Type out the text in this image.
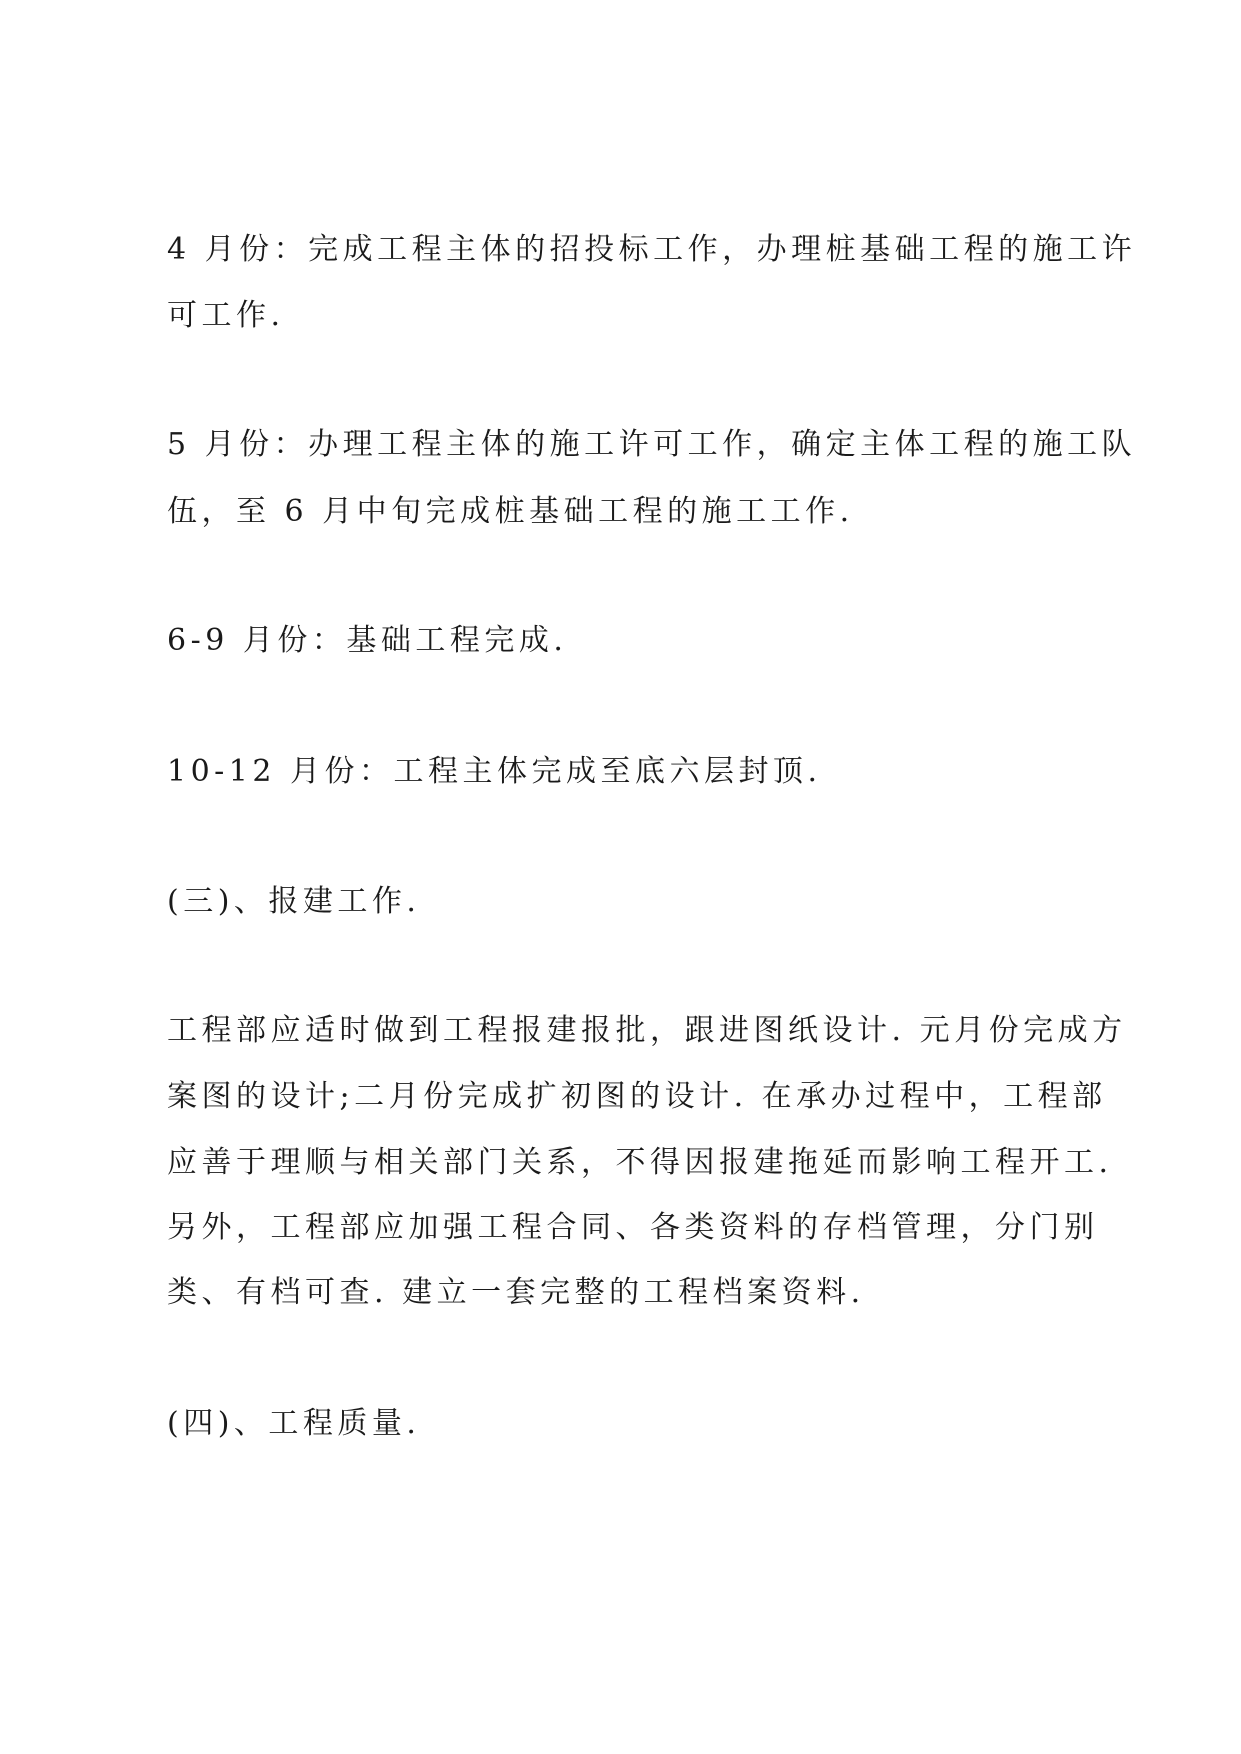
4 月份：完成工程主体的招投标工作，办理桩基础工程的施工许
可工作.
5 月份：办理工程主体的施工许可工作，确定主体工程的施工队
伍，至 6 月中旬完成桩基础工程的施工工作.
6-9 月份：基础工程完成.
10-12 月份：工程主体完成至底六层封顶.
(三)、报建工作.
工程部应适时做到工程报建报批，跟进图纸设计. 元月份完成方
案图的设计;二月份完成扩初图的设计. 在承办过程中，工程部
应善于理顺与相关部门关系，不得因报建拖延而影响工程开工.
另外，工程部应加强工程合同、各类资料的存档管理，分门别
类、有档可查. 建立一套完整的工程档案资料.
(四)、工程质量.
